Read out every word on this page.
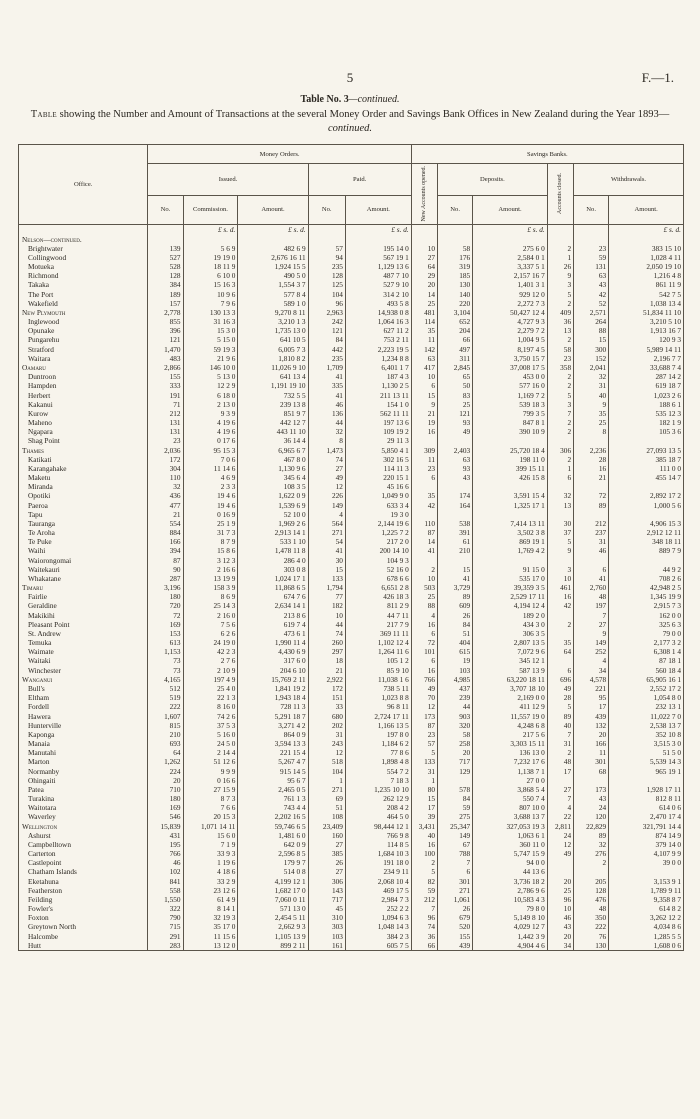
5	F.—1.
Table No. 3—continued.
Table showing the Number and Amount of Transactions at the several Money Order and Savings Bank Offices in New Zealand during the Year 1893—continued.
Office.	Money Orders.					Savings Banks.					
	Issued.			Paid.		New Accounts opened.	Deposits.		Accounts closed.	Withdrawals.	
	No.	Commission.	Amount.	No.	Amount.		No.	Amount.		No.	Amount.
		£ s. d.	£ s. d.		£ s. d.			£ s. d.			£ s. d.
Nelson—continued.											
Brightwater	139	5 6 9	482 6 9	57	195 14 0	10	58	275 6 0	2	23	383 15 10
Collingwood	527	19 19 0	2,676 16 11	94	567 19 1	27	176	2,584 0 1	1	59	1,028 4 11
Motueka	528	18 11 9	1,924 15 5	235	1,129 13 6	64	319	3,337 5 1	26	131	2,050 19 10
Richmond	128	6 10 0	490 5 0	128	487 7 10	29	185	2,157 16 7	9	63	1,216 4 8
Takaka	384	15 16 3	1,554 3 7	125	527 9 10	20	130	1,401 3 1	3	43	861 11 9
The Port	189	10 9 6	577 8 4	104	314 2 10	14	140	929 12 0	5	42	542 7 5
Wakefield	157	7 9 6	589 1 0	96	493 5 8	25	220	2,272 7 3	2	52	1,038 13 4
New Plymouth	2,778	130 13 3	9,270 8 11	2,963	14,938 0 8	481	3,104	50,427 12 4	409	2,571	51,834 11 10
Inglewood	855	31 16 3	3,210 1 3	242	1,064 16 3	114	652	4,727 9 3	36	264	3,210 5 10
Opunake	396	15 3 0	1,735 13 0	121	627 11 2	35	204	2,279 7 2	13	88	1,913 16 7
Pungarehu	121	5 15 0	641 10 5	84	753 2 11	11	66	1,004 9 5	2	15	120 9 3
Stratford	1,470	59 19 3	6,005 7 3	442	2,223 19 5	142	497	8,197 4 5	58	300	5,989 14 11
Waitara	483	21 9 6	1,810 8 2	235	1,234 8 8	63	311	3,750 15 7	23	152	2,196 7 7
Oamaru	2,866	146 10 0	11,026 9 10	1,709	6,401 1 7	417	2,845	37,008 17 5	358	2,041	33,688 7 4
Duntroon	155	5 13 0	641 13 4	41	187 4 3	10	65	453 0 0	2	32	287 14 2
Hampden	333	12 2 9	1,191 19 10	335	1,130 2 5	6	50	577 16 0	2	31	619 18 7
Herbert	191	6 18 0	732 5 5	41	211 13 11	15	83	1,169 7 2	5	40	1,023 2 6
Kakanui	71	2 13 0	239 13 8	46	154 1 0	9	25	539 18 3	3	9	188 6 1
Kurow	212	9 3 9	851 9 7	136	562 11 11	21	121	799 3 5	7	35	535 12 3
Maheno	131	4 19 6	442 12 7	44	197 13 6	19	93	847 8 1	2	25	182 1 9
Ngapara	131	4 19 6	443 11 10	32	109 19 2	16	49	390 10 9	2	8	105 3 6
Shag Point	23	0 17 6	36 14 4	8	29 11 3						
Thames	2,036	95 15 3	6,965 6 7	1,473	5,850 4 1	309	2,403	25,720 18 4	306	2,236	27,093 13 5
Katikati	172	7 0 6	467 8 0	74	302 16 5	11	63	198 11 0	2	28	385 18 7
Karangahake	304	11 14 6	1,130 9 6	27	114 11 3	23	93	399 15 11	1	16	111 0 0
Maketu	110	4 6 9	345 6 4	49	220 15 1	6	43	426 15 8	6	21	455 14 7
Miranda	32	2 3 3	108 3 5	12	45 16 6						
Opotiki	436	19 4 6	1,622 0 9	226	1,049 9 0	35	174	3,591 15 4	32	72	2,892 17 2
Paeroa	477	19 4 6	1,539 6 9	149	633 3 4	42	164	1,325 17 1	13	89	1,000 5 6
Tapu	21	0 16 9	52 10 0	4	19 3 0						
Tauranga	554	25 1 9	1,969 2 6	564	2,144 19 6	110	538	7,414 13 11	30	212	4,906 15 3
Te Aroha	884	31 7 3	2,913 14 1	271	1,225 7 2	87	391	3,502 3 8	37	237	2,912 12 11
Te Puke	166	8 7 9	533 1 10	54	217 2 0	14	61	869 19 1	5	31	348 18 11
Waihi	394	15 8 6	1,478 11 8	41	200 14 10	41	210	1,769 4 2	9	46	889 7 9
Waiorongomai	87	3 12 3	286 4 0	30	104 9 3						
Waitekauri	90	2 16 6	303 0 8	15	52 16 0	2	15	91 15 0	3	6	44 9 2
Whakatane	287	13 19 9	1,024 17 1	133	678 6 6	10	41	535 17 0	10	41	708 2 6
Timaru	3,196	158 3 9	11,868 6 5	1,794	6,651 2 8	503	3,729	39,359 3 5	461	2,760	42,948 2 5
Fairlie	180	8 6 9	674 7 6	77	426 18 3	25	89	2,529 17 11	16	48	1,345 19 9
Geraldine	720	25 14 3	2,634 14 1	182	811 2 9	88	609	4,194 12 4	42	197	2,915 7 3
Makikihi	72	2 16 0	213 8 6	10	44 7 11	4	26	189 2 0		7	162 0 0
Pleasant Point	169	7 5 6	619 7 4	44	217 7 9	16	84	434 3 0	2	27	325 6 3
St. Andrew	153	6 2 6	473 6 1	74	369 11 11	6	51	306 3 5		9	79 0 0
Temuka	613	24 19 0	1,990 11 4	260	1,102 12 4	72	404	2,807 13 5	35	149	2,177 3 2
Waimate	1,153	42 2 3	4,430 6 9	297	1,264 11 6	101	615	7,072 9 6	64	252	6,308 1 4
Waitaki	73	2 7 6	317 6 0	18	105 1 2	6	19	345 12 1		4	87 18 1
Winchester	73	2 10 9	204 6 10	21	85 9 10	16	103	587 13 9	6	34	560 18 4
Wanganui	4,165	197 4 9	15,769 2 11	2,922	11,038 1 6	766	4,985	63,220 18 11	696	4,578	65,905 16 1
Bull's	512	25 4 0	1,841 19 2	172	738 5 11	49	437	3,707 18 10	49	221	2,552 17 2
Eltham	519	22 1 3	1,943 18 4	151	1,023 8 8	70	239	2,169 0 0	28	95	1,054 8 0
Fordell	222	8 16 0	728 11 3	33	96 8 11	12	44	411 12 9	5	17	232 13 1
Hawera	1,607	74 2 6	5,291 18 7	680	2,724 17 11	173	903	11,557 19 0	89	439	11,022 7 0
Hunterville	815	37 5 3	3,271 4 2	202	1,166 13 5	87	320	4,248 6 8	40	132	2,538 13 7
Kaponga	210	5 16 0	864 0 9	31	197 8 0	23	58	217 5 6	7	20	352 10 8
Manaia	693	24 5 0	3,594 13 3	243	1,184 6 2	57	258	3,303 15 11	31	166	3,515 3 0
Manutahi	64	2 14 4	221 15 4	12	77 8 6	5	20	136 13 0	2	11	51 5 0
Marton	1,262	51 12 6	5,267 4 7	518	1,898 4 8	133	717	7,232 17 6	48	301	5,539 14 3
Normanby	224	9 9 9	915 14 5	104	554 7 2	31	129	1,138 7 1	17	68	965 19 1
Ohingaiti	20	0 16 6	95 6 7	1	7 18 3	1		27 0 0			
Patea	710	27 15 9	2,465 0 5	271	1,235 10 10	80	578	3,868 5 4	27	173	1,928 17 11
Turakina	180	8 7 3	761 1 3	69	262 12 9	15	84	550 7 4	7	43	812 8 11
Waitotara	169	7 6 6	743 4 4	51	208 4 2	17	59	807 10 0	4	24	614 0 6
Waverley	546	20 15 3	2,202 16 5	108	464 5 0	39	275	3,688 13 7	22	120	2,470 17 4
Wellington	15,839	1,071 14 11	59,746 6 5	23,409	98,444 12 1	3,431	25,347	327,053 19 3	2,811	22,829	321,791 14 4
Ashurst	431	15 6 0	1,481 6 0	160	766 9 8	40	149	1,063 6 1	24	89	874 14 9
Campbelltown	195	7 1 9	642 0 9	27	114 8 5	16	67	360 11 0	12	32	379 14 0
Carterton	766	33 9 3	2,596 8 5	385	1,684 10 3	100	788	5,747 15 9	49	276	4,107 9 9
Castlepoint	46	1 19 6	179 9 7	26	191 18 0	2	7	94 0 0		2	39 0 0
Chatham Islands	102	4 18 6	514 0 8	27	234 9 11	5	6	44 13 6			
Eketahuna	841	33 2 9	4,199 12 1	306	2,068 10 4	82	301	3,736 18 2	20	205	3,153 9 1
Featherston	558	23 12 6	1,682 17 0	143	469 17 5	59	271	2,786 9 6	25	128	1,789 9 11
Feilding	1,550	61 4 9	7,060 0 11	717	2,984 7 3	212	1,061	10,583 4 3	96	476	9,358 8 7
Fowler's	322	8 14 1	571 13 0	45	252 2 2	7	26	79 8 0	10	48	614 8 2
Foxton	790	32 19 3	2,454 5 11	310	1,094 6 3	96	679	5,149 8 10	46	350	3,262 12 2
Greytown North	715	35 17 0	2,662 9 3	303	1,048 14 3	74	520	4,029 12 7	43	222	4,034 8 6
Halcombe	291	11 15 6	1,105 13 9	103	384 2 3	36	155	1,442 3 9	20	76	1,285 5 5
Hutt	283	13 12 0	899 2 11	161	605 7 5	66	439	4,904 4 6	34	130	1,608 0 6
